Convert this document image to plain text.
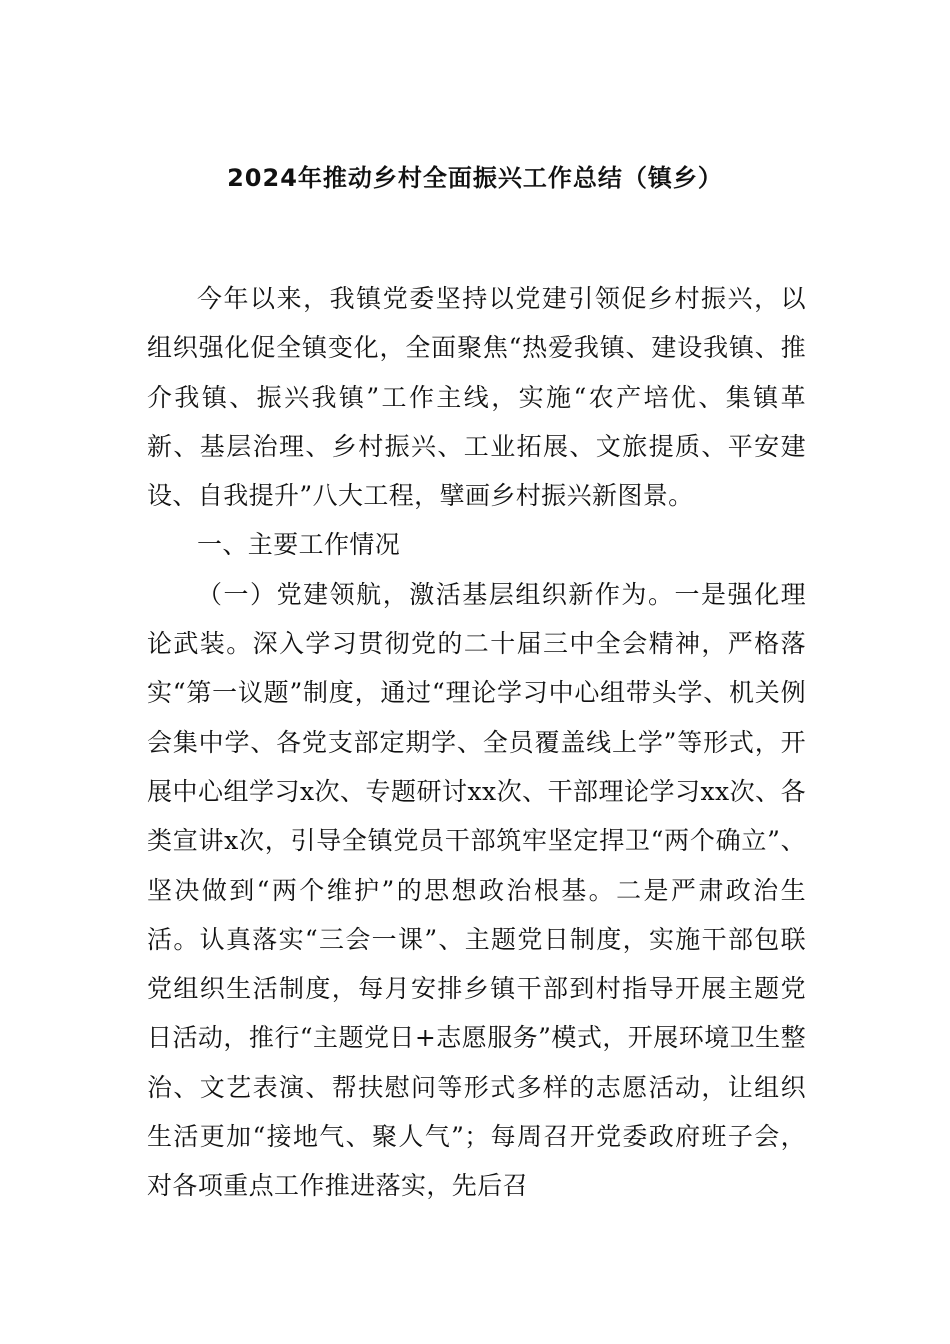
2024年推动乡村全面振兴工作总结（镇乡）

今年以来，我镇党委坚持以党建引领促乡村振兴，以组织强化促全镇变化，全面聚焦“热爱我镇、建设我镇、推介我镇、振兴我镇”工作主线，实施“农产培优、集镇革新、基层治理、乡村振兴、工业拓展、文旅提质、平安建设、自我提升”八大工程，擘画乡村振兴新图景。

一、主要工作情况

（一）党建领航，激活基层组织新作为。一是强化理论武装。深入学习贯彻党的二十届三中全会精神，严格落实“第一议题”制度，通过“理论学习中心组带头学、机关例会集中学、各党支部定期学、全员覆盖线上学”等形式，开展中心组学习x次、专题研讨xx次、干部理论学习xx次、各类宣讲x次，引导全镇党员干部筑牢坚定捍卫“两个确立”、坚决做到“两个维护”的思想政治根基。二是严肃政治生活。认真落实“三会一课”、主题党日制度，实施干部包联党组织生活制度，每月安排乡镇干部到村指导开展主题党日活动，推行“主题党日+志愿服务”模式，开展环境卫生整治、文艺表演、帮扶慰问等形式多样的志愿活动，让组织生活更加“接地气、聚人气”；每周召开党委政府班子会，对各项重点工作推进落实，先后召
